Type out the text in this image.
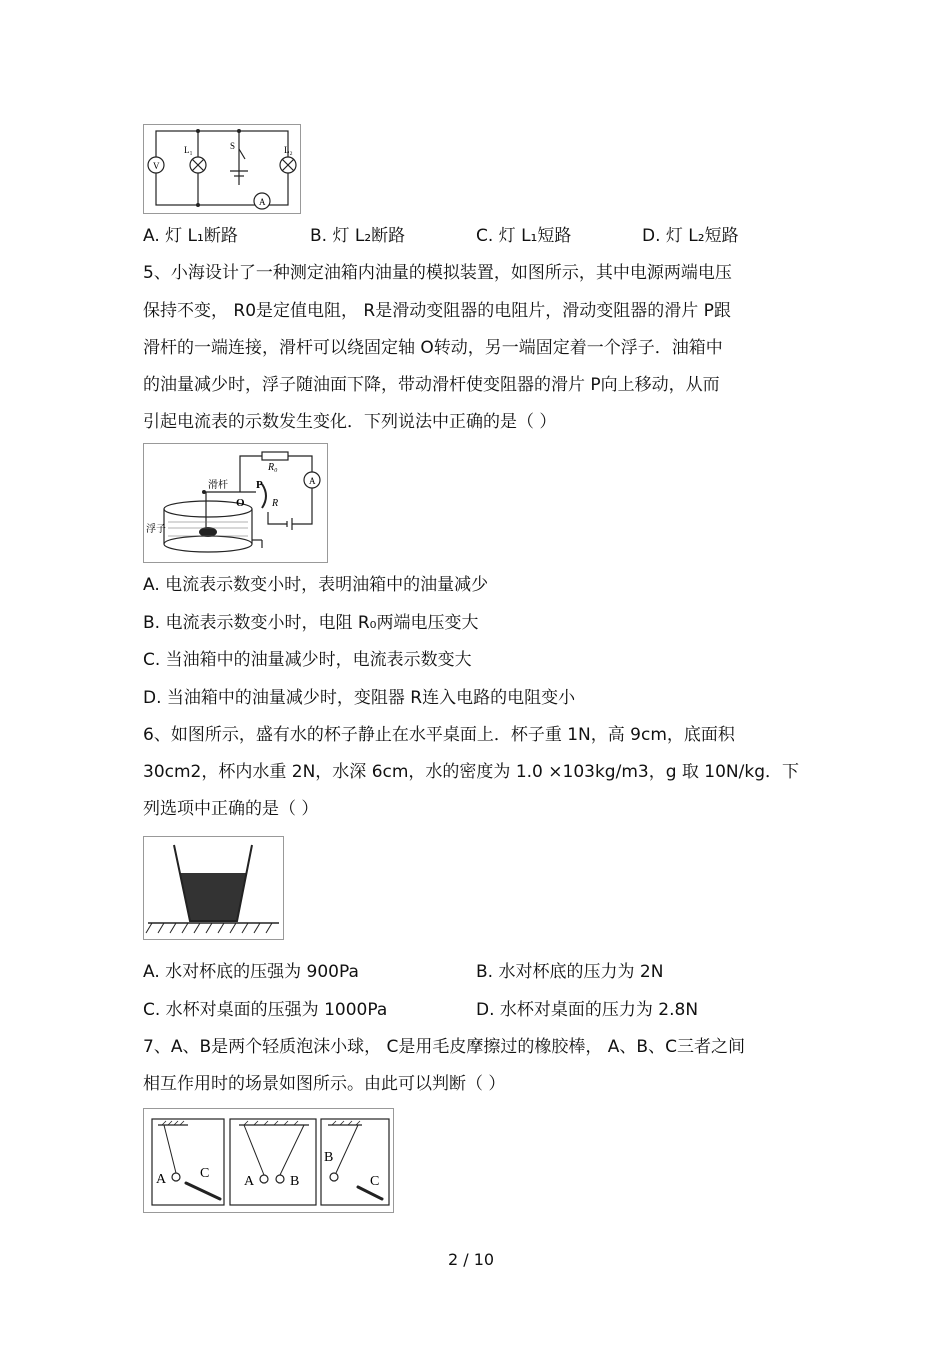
V
L₁	S	L₂
A
A. 灯 L₁断路	B. 灯 L₂断路	C. 灯 L₁短路	D. 灯 L₂短路
5、小海设计了一种测定油箱内油量的模拟装置，如图所示，其中电源两端电压
保持不变， R0是定值电阻， R是滑动变阻器的电阻片，滑动变阻器的滑片 P跟
滑杆的一端连接，滑杆可以绕固定轴 O转动，另一端固定着一个浮子．油箱中
的油量减少时，浮子随油面下降，带动滑杆使变阻器的滑片 P向上移动，从而
引起电流表的示数发生变化．下列说法中正确的是（ ）
滑杆	P
O	R
R₀
A
浮子
A. 电流表示数变小时，表明油箱中的油量减少
B. 电流表示数变小时，电阻 R₀两端电压变大
C. 当油箱中的油量减少时，电流表示数变大
D. 当油箱中的油量减少时，变阻器 R连入电路的电阻变小
6、如图所示，盛有水的杯子静止在水平桌面上．杯子重 1N，高 9cm，底面积
30cm2，杯内水重 2N，水深 6cm，水的密度为 1.0 ×103kg/m3，g 取 10N/kg．下
列选项中正确的是（ ）
A. 水对杯底的压强为 900Pa	B. 水对杯底的压力为 2N
C. 水杯对桌面的压强为 1000Pa	D. 水杯对桌面的压力为 2.8N
7、A、B是两个轻质泡沫小球， C是用毛皮摩擦过的橡胶棒， A、B、C三者之间
相互作用时的场景如图所示。由此可以判断（ ）
A C
A	B
B
C
2 / 10
